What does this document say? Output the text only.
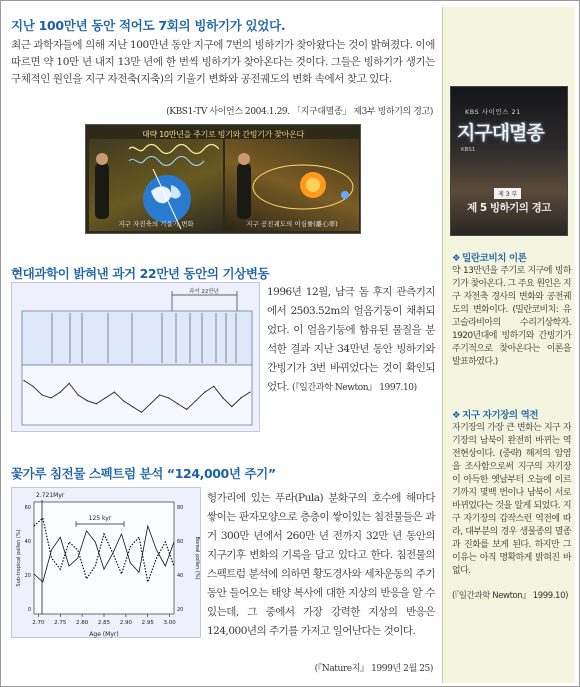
지난 100만년 동안 적어도 7회의 빙하기가 있었다.
최근 과학자들에 의해 지난 100만년 동안 지구에 7번의 빙하기가 찾아왔다는 것이 밝혀졌다. 이에 따르면 약 10만 년 내지 13만 년에 한 번씩 빙하기가 찾아온다는 것이다. 그들은 빙하기가 생기는 구체적인 원인을 지구 자전축(지축)의 기울기 변화와 공전궤도의 변화 속에서 찾고 있다.
(KBS1-TV 사이언스 2004.1.29. 「지구대멸종」 제3부 빙하기의 경고)
대략 10만년을 주기로 빙기와 간빙기가 찾아온다
지구 자전축의 기울기 변화	지구 공전궤도의 이심률(離心率)
현대과학이 밝혀낸 과거 22만년 동안의 기상변동
과거 22만년	1996년 12월, 남극 돔 후지 관측기지에서 2503.52m의 얼음기둥이 채취되었다. 이 얼음기둥에 함유된 물질을 분석한 결과 지난 34만년 동안 빙하기와 간빙기가 3번 바뀌었다는 것이 확인되었다. (『일간과학 Newton』 1997.10)
꽃가루 침전물 스펙트럼 분석 “124,000년 주기”
2.721Myr
125 kyr
Age (Myr)
Sub-tropical pollen (%)	Boreal pollen (%)
2.70 2.75 2.80 2.85 2.90 2.95 3.00
0
20
40
60
20
40
60
80
헝가리에 있는 푸라(Pula) 분화구의 호수에 해마다 쌓이는 판자모양으로 층층이 쌓이있는 침전물들은 과거 300만 년에서 260만 년 전까지 32만 년 동안의 지구기후 변화의 기록을 담고 있다고 한다. 침전물의 스펙트럼 분석에 의하면 황도경사와 세차운동의 주기 동안 들어오는 태양 복사에 대한 지상의 반응을 알 수 있는데, 그 중에서 가장 강력한 지상의 반응은 124,000년의 주기를 가지고 일어난다는 것이다.
(『Nature지』 1999년 2월 25)
KBS 사이언스 21
지구대멸종
KBS1
제 3 부
제 5 빙하기의 경고
❖ 밀란코비치 이론
약 13만년을 주기로 지구에 빙하기가 찾아온다. 그 주요 원인은 지구 자전축 경사의 변화와 공전궤도의 변화이다. (밀란코비치: 유고슬라비아의 수리기상학자. 1920년대에 빙하기와 간빙기가 주기적으로 찾아온다는 이론을 발표하였다.)
❖ 지구 자기장의 역전
자기장의 가장 큰 변화는 지구 자기장의 남북이 완전히 바뀌는 역전현상이다. (중략) 해저의 암염을 조사함으로써 지구의 자기장이 아득한 옛날부터 오늘에 이르기까지 몇백 번이나 남북이 서로 바뀌었다는 것을 알게 되었다. 지구 자기장의 갑작스런 역전에 따라, 대부분의 경우 생물종의 멸종과 진화를 보게 된다. 하지만 그 이유는 아직 명확하게 밝혀진 바 없다.
(『일간과학 Newton』 1999.10)
